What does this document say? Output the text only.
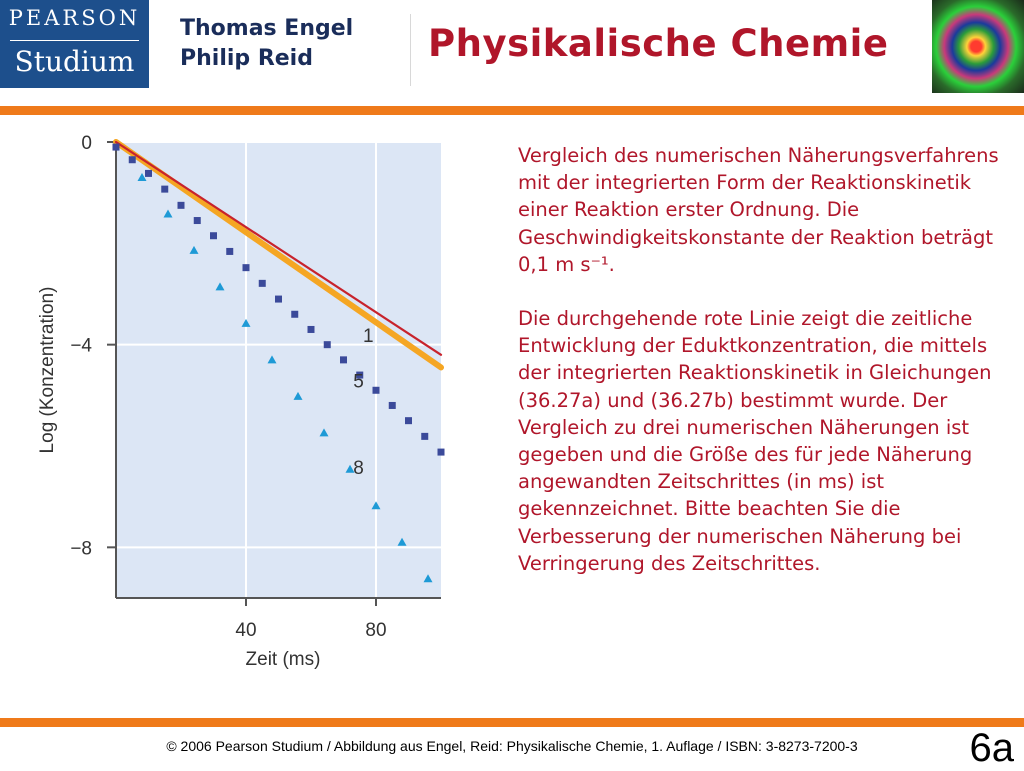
PEARSON
Studium
Thomas Engel
Philip Reid	Physikalische Chemie
40	80
0
−4
−8
1
5
8
Zeit (ms)
Log (Konzentration)

Vergleich des numerischen Näherungsverfahrens mit der integrierten Form der Reaktionskinetik einer Reaktion erster Ordnung. Die Geschwindigkeitskonstante der Reaktion beträgt 0,1 m s⁻¹.

Die durchgehende rote Linie zeigt die zeitliche Entwicklung der Eduktkonzentration, die mittels der integrierten Reaktionskinetik in Gleichungen (36.27a) und (36.27b) bestimmt wurde. Der Vergleich zu drei numerischen Näherungen ist gegeben und die Größe des für jede Näherung angewandten Zeitschrittes (in ms) ist gekennzeichnet. Bitte beachten Sie die Verbesserung der numerischen Näherung bei Verringerung des Zeitschrittes.

© 2006 Pearson Studium / Abbildung aus Engel, Reid: Physikalische Chemie, 1. Auflage / ISBN: 3-8273-7200-3	6a
